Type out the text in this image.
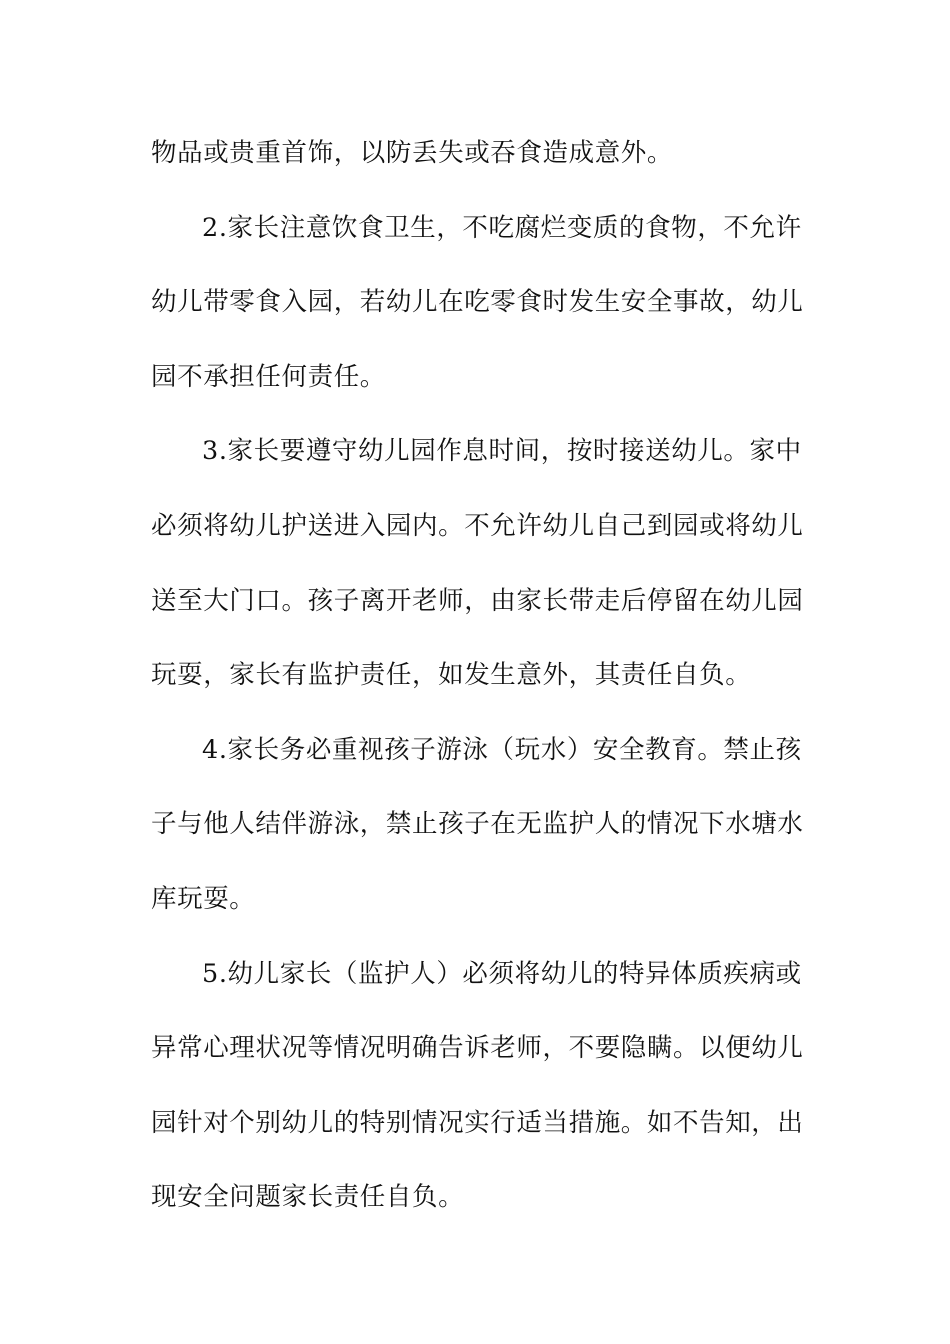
物品或贵重首饰，以防丢失或吞食造成意外。
2.家长注意饮食卫生，不吃腐烂变质的食物，不允许
幼儿带零食入园，若幼儿在吃零食时发生安全事故，幼儿
园不承担任何责任。
3.家长要遵守幼儿园作息时间，按时接送幼儿。家中
必须将幼儿护送进入园内。不允许幼儿自己到园或将幼儿
送至大门口。孩子离开老师，由家长带走后停留在幼儿园
玩耍，家长有监护责任，如发生意外，其责任自负。
4.家长务必重视孩子游泳（玩水）安全教育。禁止孩
子与他人结伴游泳，禁止孩子在无监护人的情况下水塘水
库玩耍。
5.幼儿家长（监护人）必须将幼儿的特异体质疾病或
异常心理状况等情况明确告诉老师，不要隐瞒。以便幼儿
园针对个别幼儿的特别情况实行适当措施。如不告知，出
现安全问题家长责任自负。
